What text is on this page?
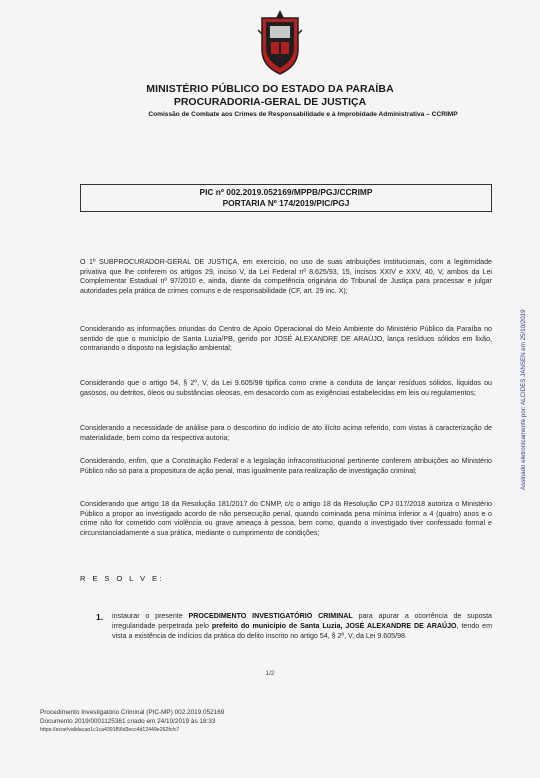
MINISTÉRIO PÚBLICO DO ESTADO DA PARAÍBA
PROCURADORIA-GERAL DE JUSTIÇA
Comissão de Combate aos Crimes de Responsabilidade e à Improbidade Administrativa – CCRIMP
PIC nº 002.2019.052169/MPPB/PGJ/CCRIMP
PORTARIA Nº 174/2019/PIC/PGJ
O 1º SUBPROCURADOR-GERAL DE JUSTIÇA, em exercício, no uso de suas atribuições institucionais, com a legitimidade privativa que lhe conferem os artigos 29, inciso V, da Lei Federal nº 8.625/93, 15, incisos XXIV e XXV, 40, V, ambos da Lei Complementar Estadual nº 97/2010 e, ainda, diante da competência originária do Tribunal de Justiça para processar e julgar autoridades pela prática de crimes comuns e de responsabilidade (CF, art. 29 inc. X);
Considerando as informações oriundas do Centro de Apoio Operacional do Meio Ambiente do Ministério Público da Paraíba no sentido de que o município de Santa Luzia/PB, gerido por JOSÉ ALEXANDRE DE ARAÚJO, lança resíduos sólidos em lixão, contrariando o disposto na legislação ambiental;
Considerando que o artigo 54, § 2º, V, da Lei 9.605/98 tipifica como crime a conduta de lançar resíduos sólidos, líquidos ou gasosos, ou detritos, óleos ou substâncias oleosas, em desacordo com as exigências estabelecidas em leis ou regulamentos;
Considerando a necessidade de análise para o descortino do indício de ato ilícito acima referido, com vistas à caracterização de materialidade, bem como da respectiva autoria;
Considerando, enfim, que a Constituição Federal e a legislação infraconstitucional pertinente conferem atribuições ao Ministério Público não só para a propositura de ação penal, mas igualmente para realização de investigação criminal;
Considerando que artigo 18 da Resolução 181/2017 do CNMP, c/c o artigo 18 da Resolução CPJ 017/2018 autoriza o Ministério Público a propor ao investigado acordo de não persecução penal, quando cominada pena mínima inferior a 4 (quatro) anos e o crime não for cometido com violência ou grave ameaça à pessoa, bem como, quando o investigado tiver confessado formal e circunstanciadamente a sua prática, mediante o cumprimento de condições;
R E S O L V E:
1. instaurar o presente PROCEDIMENTO INVESTIGATÓRIO CRIMINAL para apurar a ocorrência de suposta irregularidade perpetrada pelo prefeito do município de Santa Luzia, JOSÉ ALEXANDRE DE ARAÚJO, tendo em vista a existência de indícios da prática do delito inscrito no artigo 54, § 2º, V, da Lei 9.605/98.
1/2
Procedimento Investigatório Criminal (PIC-MP) 002.2019.052169
Documento 2019/0001125361 criado em 24/10/2019 às 18:33
https://ecoe!validacao1c1ca4391f56d3ecc4d12449e262fcfc7
Assinado eletronicamente por: ALCIDES JANSEN em 25/10/2019
